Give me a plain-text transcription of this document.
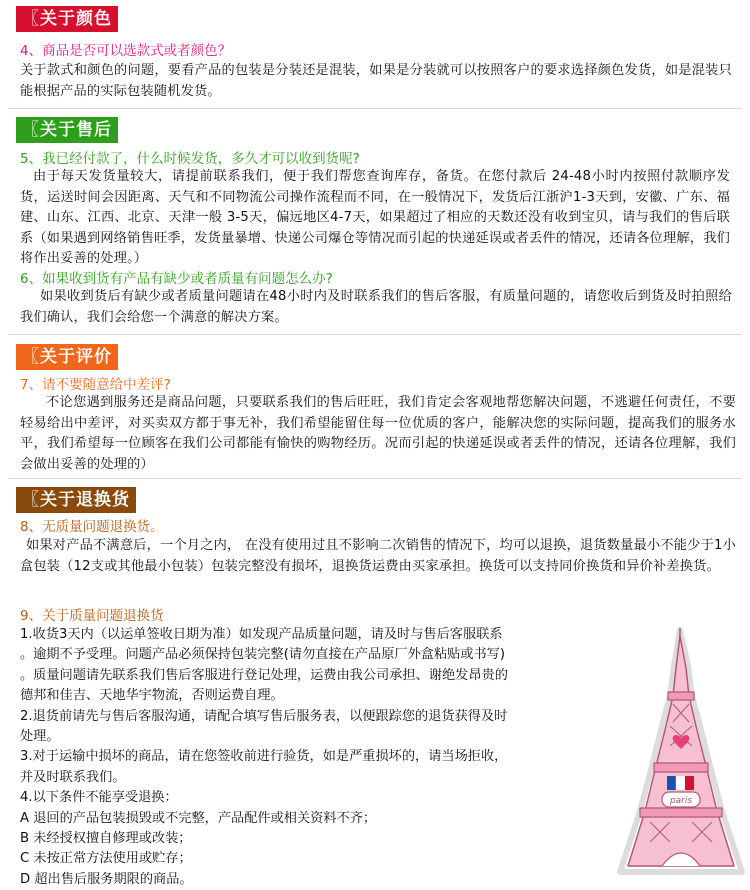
〖关于颜色
4、商品是否可以选款式或者颜色？
关于款式和颜色的问题，要看产品的包装是分装还是混装，如果是分装就可以按照客户的要求选择颜色发货，如是混装只能根据产品的实际包装随机发货。
〖关于售后
5、我已经付款了，什么时候发货，多久才可以收到货呢?
由于每天发货量较大，请提前联系我们，便于我们帮您查询库存，备货。在您付款后 24-48小时内按照付款顺序发货，运送时间会因距离、天气和不同物流公司操作流程而不同，在一般情况下，发货后江浙沪1-3天到，安徽、广东、福建、山东、江西、北京、天津一般 3-5天，偏远地区4-7天，如果超过了相应的天数还没有收到宝贝，请与我们的售后联系（如果遇到网络销售旺季，发货量暴增、快递公司爆仓等情况而引起的快递延误或者丢件的情况，还请各位理解，我们将作出妥善的处理。）
6、如果收到货有产品有缺少或者质量有问题怎么办?
如果收到货后有缺少或者质量问题请在48小时内及时联系我们的售后客服，有质量问题的，请您收后到货及时拍照给我们确认，我们会给您一个满意的解决方案。
〖关于评价
7、请不要随意给中差评?
不论您遇到服务还是商品问题，只要联系我们的售后旺旺，我们肯定会客观地帮您解决问题，不逃避任何责任，不要轻易给出中差评，对买卖双方都于事无补，我们希望能留住每一位优质的客户，能解决您的实际问题，提高我们的服务水平，我们希望每一位顾客在我们公司都能有愉快的购物经历。况而引起的快递延误或者丢件的情况，还请各位理解，我们会做出妥善的处理的）
〖关于退换货
8、无质量问题退换货。
如果对产品不满意后，一个月之内， 在没有使用过且不影响二次销售的情况下，均可以退换，退货数量最小不能少于1小盒包装（12支或其他最小包装）包装完整没有损坏，退换货运费由买家承担。换货可以支持同价换货和异价补差换货。
9、关于质量问题退换货
1.收货3天内（以运单签收日期为准）如发现产品质量问题，请及时与售后客服联系
。逾期不予受理。问题产品必须保持包装完整(请勿直接在产品原厂外盒粘贴或书写)
。质量问题请先联系我们售后客服进行登记处理，运费由我公司承担、谢绝发昂贵的
德邦和佳吉、天地华宇物流，否则运费自理。
2.退货前请先与售后客服沟通，请配合填写售后服务表，以便跟踪您的退货获得及时
处理。
3.对于运输中损坏的商品，请在您签收前进行验货，如是严重损坏的，请当场拒收，
并及时联系我们。
4.以下条件不能享受退换：
A 退回的产品包装损毁或不完整，产品配件或相关资料不齐；
B 未经授权擅自修理或改装；
C 未按正常方法使用或贮存；
D 超出售后服务期限的商品。
paris
